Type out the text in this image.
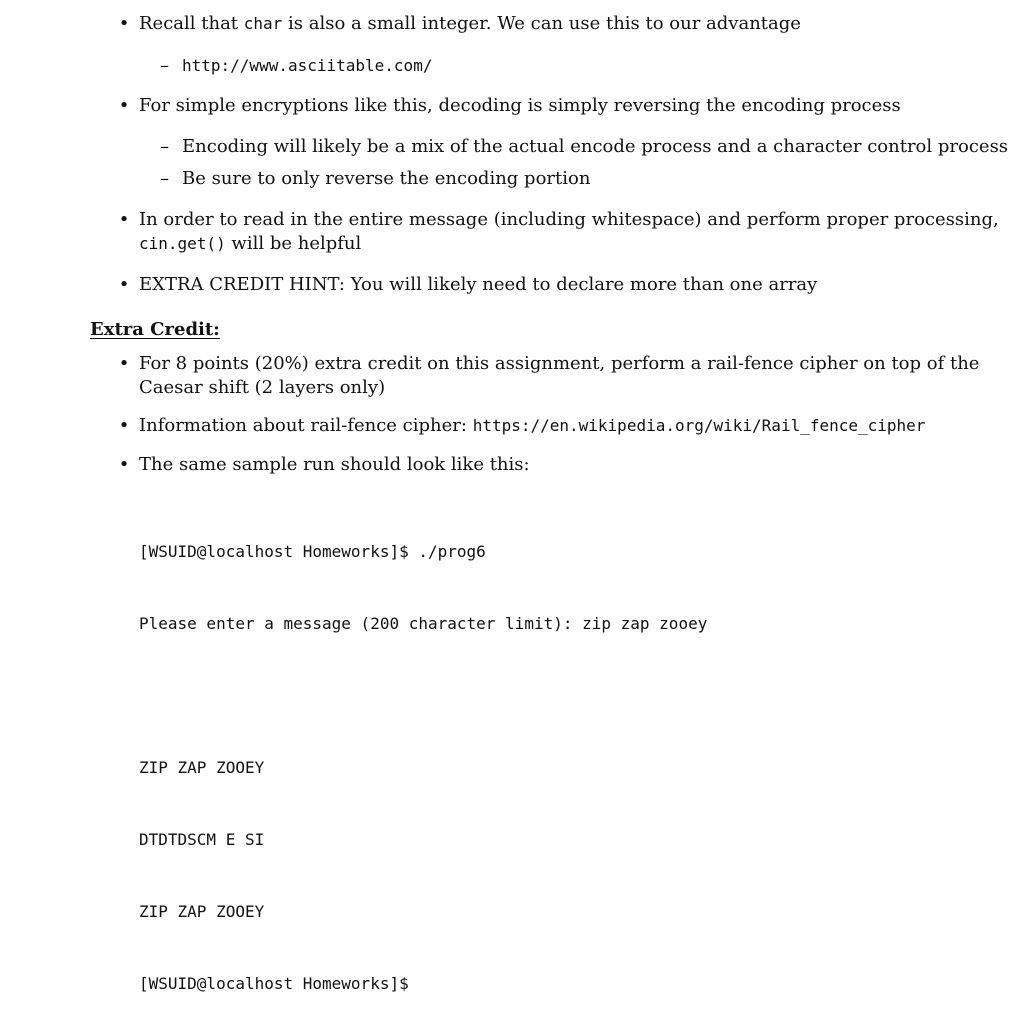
• Recall that char is also a small integer. We can use this to our advantage
– http://www.asciitable.com/
• For simple encryptions like this, decoding is simply reversing the encoding process
– Encoding will likely be a mix of the actual encode process and a character control process
– Be sure to only reverse the encoding portion
• In order to read in the entire message (including whitespace) and perform proper processing,
cin.get() will be helpful
• EXTRA CREDIT HINT: You will likely need to declare more than one array
Extra Credit:
• For 8 points (20%) extra credit on this assignment, perform a rail-fence cipher on top of the
Caesar shift (2 layers only)
• Information about rail-fence cipher: https://en.wikipedia.org/wiki/Rail_fence_cipher
• The same sample run should look like this:

[WSUID@localhost Homeworks]$ ./prog6

Please enter a message (200 character limit): zip zap zooey

ZIP ZAP ZOOEY

DTDTDSCM E SI

ZIP ZAP ZOOEY

[WSUID@localhost Homeworks]$
